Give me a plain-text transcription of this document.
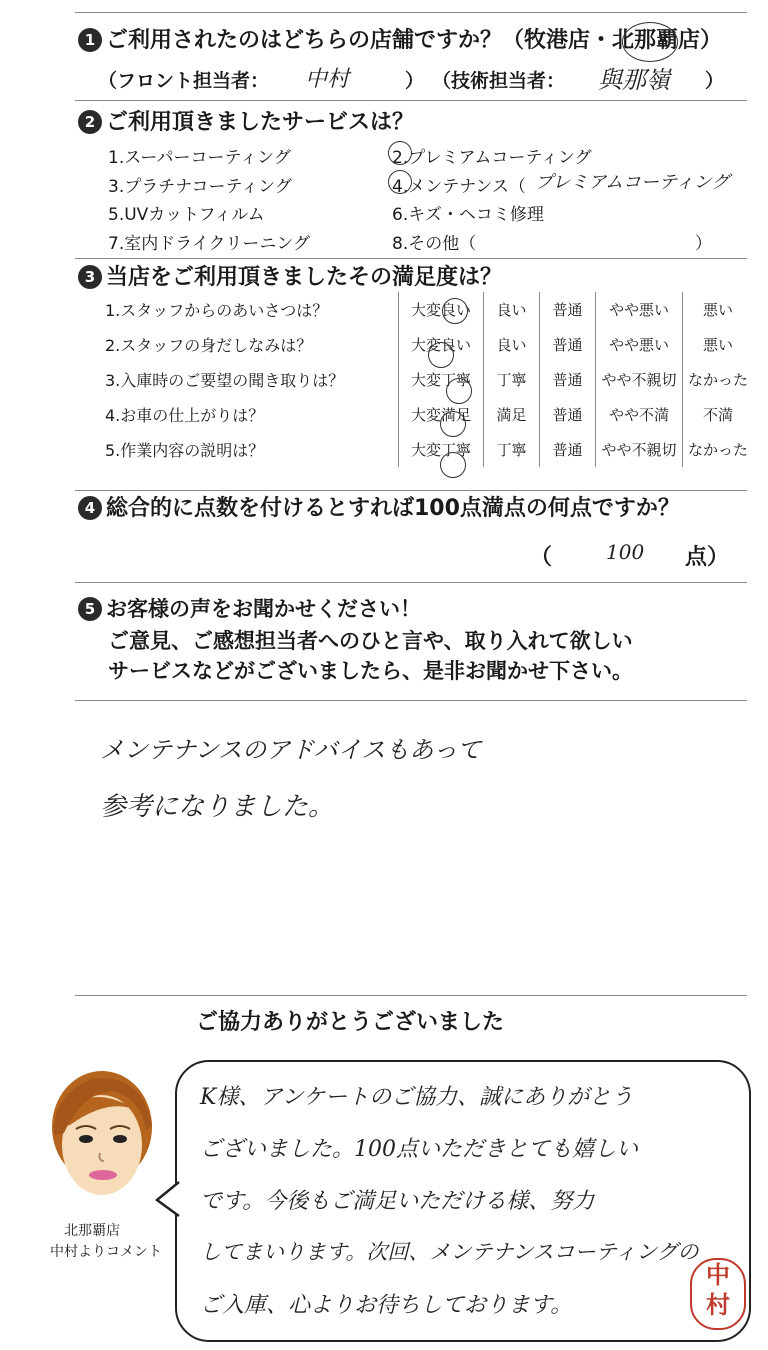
1 ご利用されたのはどちらの店舗ですか？（牧港店・北那覇店）
（フロント担当者： 中村	） （技術担当者： 與那嶺 ）
2 ご利用頂きましたサービスは？
1.スーパーコーティング	2.プレミアムコーティング
3.プラチナコーティング	4.メンテナンス（ プレミアムコーティング
5.UVカットフィルム	6.キズ・ヘコミ修理
7.室内ドライクリーニング	8.その他（	）
3 当店をご利用頂きましたその満足度は？
1.スタッフからのあいさつは？	大変良い	良い	普通	やや悪い	悪い
2.スタッフの身だしなみは？	大変良い	良い	普通	やや悪い	悪い
3.入庫時のご要望の聞き取りは？	大変丁寧	丁寧	普通	やや不親切	なかった
4.お車の仕上がりは？	大変満足	満足	普通	やや不満	不満
5.作業内容の説明は？	大変丁寧	丁寧	普通	やや不親切	なかった
4 総合的に点数を付けるとすれば100点満点の何点ですか？
（	100 点）
5 お客様の声をお聞かせください！
ご意見、ご感想担当者へのひと言や、取り入れて欲しい
サービスなどがございましたら、是非お聞かせ下さい。
メンテナンスのアドバイスもあって
参考になりました。
ご協力ありがとうございました
北那覇店
中村よりコメント
K様、アンケートのご協力、誠にありがとう
ございました。100点いただきとても嬉しい
です。今後もご満足いただける様、努力
してまいります。次回、メンテナンスコーティングの
ご入庫、心よりお待ちしております。
中
村
